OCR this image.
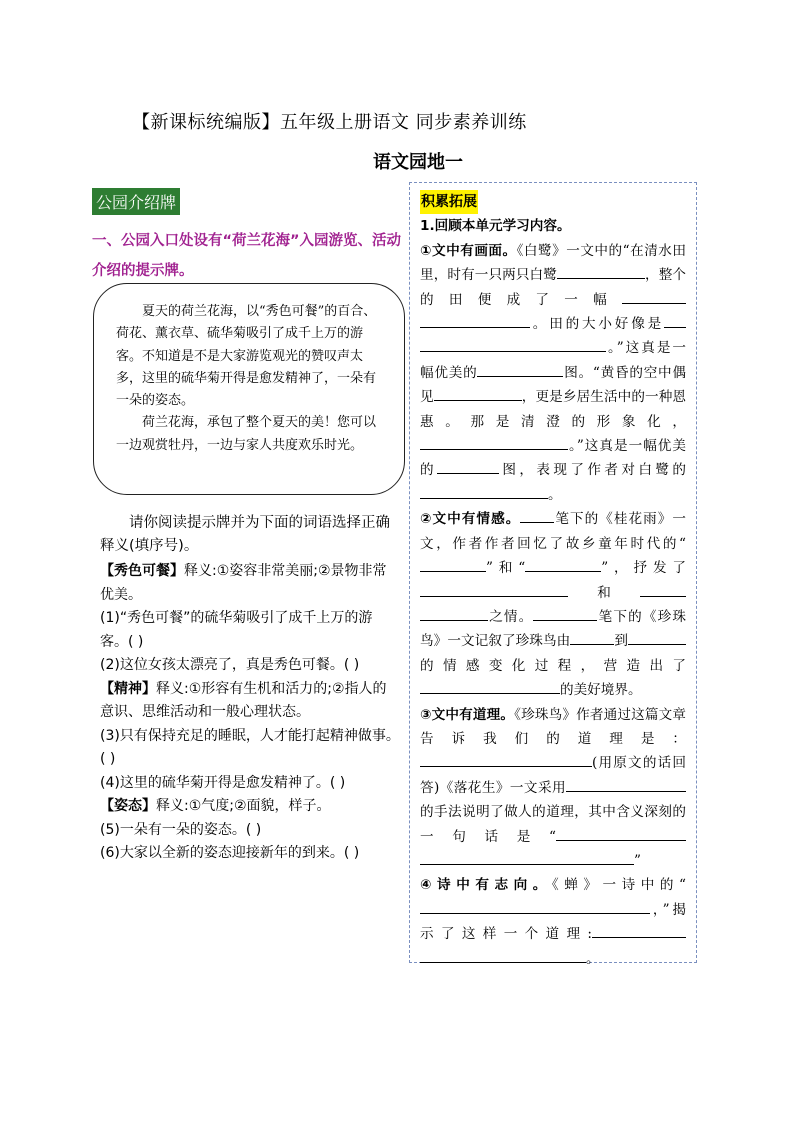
【新课标统编版】五年级上册语文 同步素养训练
语文园地一
公园介绍牌
一、公园入口处设有“荷兰花海”入园游览、活动介绍的提示牌。

夏天的荷兰花海，以“秀色可餐”的百合、荷花、薰衣草、硫华菊吸引了成千上万的游客。不知道是不是大家游览观光的赞叹声太多，这里的硫华菊开得是愈发精神了，一朵有一朵的姿态。

荷兰花海，承包了整个夏天的美！您可以一边观赏牡丹，一边与家人共度欢乐时光。

请你阅读提示牌并为下面的词语选择正确释义(填序号)。

【秀色可餐】释义:①姿容非常美丽;②景物非常优美。
(1)“秀色可餐”的硫华菊吸引了成千上万的游客。( )
(2)这位女孩太漂亮了，真是秀色可餐。( )
【精神】释义:①形容有生机和活力的;②指人的意识、思维活动和一般心理状态。
(3)只有保持充足的睡眠，人才能打起精神做事。( )
(4)这里的硫华菊开得是愈发精神了。( )
【姿态】释义:①气度;②面貌，样子。
(5)一朵有一朵的姿态。( )
(6)大家以全新的姿态迎接新年的到来。( )
积累拓展
1.回顾本单元学习内容。
①文中有画面。《白鹭》一文中的“在清水田里，时有一只两只白鹭	，整个的田便成了一幅。田的大小好像是。”这真是一幅优美的	图。“黄昏的空中偶见	，更是乡居生活中的一种恩惠。那是清澄的形象化，。”这真是一幅优美的	图，表现了作者对白鹭的。
②文中有情感。	笔下的《桂花雨》一文，作者作者回忆了故乡童年时代的“”和“	”，抒发了和之情。	笔下的《珍珠鸟》一文记叙了珍珠鸟由	到的情感变化过程，营造出了的美好境界。
③文中有道理。《珍珠鸟》作者通过这篇文章告诉我们的道理是：(用原文的话回答)《落花生》一文采用的手法说明了做人的道理，其中含义深刻的一句话是“”
④诗中有志向。《蝉》一诗中的“，”揭示了这样一个道理:。
